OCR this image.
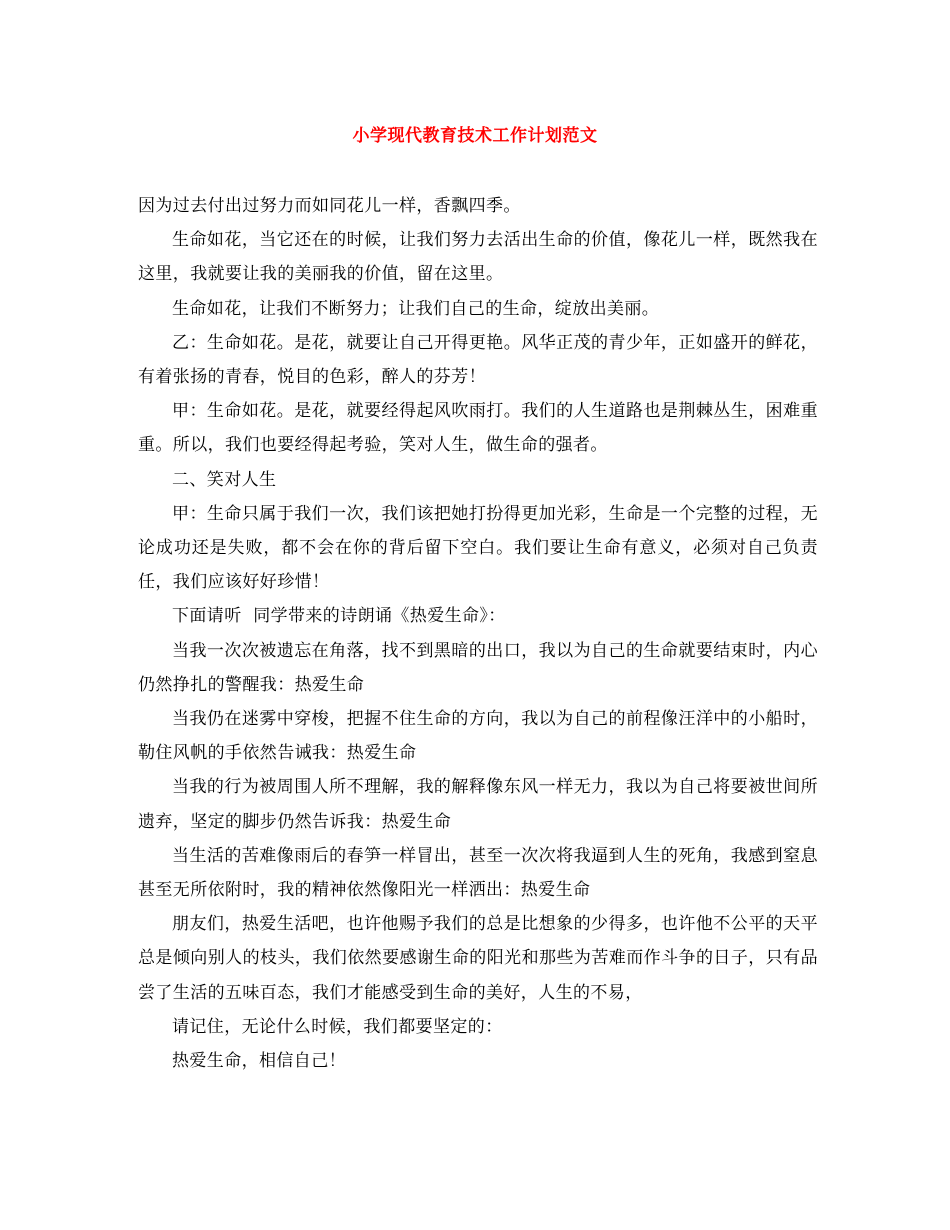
小学现代教育技术工作计划范文

因为过去付出过努力而如同花儿一样，香飘四季。

生命如花，当它还在的时候，让我们努力去活出生命的价值，像花儿一样，既然我在这里，我就要让我的美丽我的价值，留在这里。

生命如花，让我们不断努力；让我们自己的生命，绽放出美丽。

乙：生命如花。是花，就要让自己开得更艳。风华正茂的青少年，正如盛开的鲜花，有着张扬的青春，悦目的色彩，醉人的芬芳！

甲：生命如花。是花，就要经得起风吹雨打。我们的人生道路也是荆棘丛生，困难重重。所以，我们也要经得起考验，笑对人生，做生命的强者。

二、笑对人生

甲：生命只属于我们一次，我们该把她打扮得更加光彩，生命是一个完整的过程，无论成功还是失败，都不会在你的背后留下空白。我们要让生命有意义，必须对自己负责任，我们应该好好珍惜！

下面请听  同学带来的诗朗诵《热爱生命》：

当我一次次被遗忘在角落，找不到黑暗的出口，我以为自己的生命就要结束时，内心仍然挣扎的警醒我：热爱生命

当我仍在迷雾中穿梭，把握不住生命的方向，我以为自己的前程像汪洋中的小船时，勒住风帆的手依然告诫我：热爱生命

当我的行为被周围人所不理解，我的解释像东风一样无力，我以为自己将要被世间所遗弃，坚定的脚步仍然告诉我：热爱生命

当生活的苦难像雨后的春笋一样冒出，甚至一次次将我逼到人生的死角，我感到窒息甚至无所依附时，我的精神依然像阳光一样洒出：热爱生命

朋友们，热爱生活吧，也许他赐予我们的总是比想象的少得多，也许他不公平的天平总是倾向别人的枝头，我们依然要感谢生命的阳光和那些为苦难而作斗争的日子，只有品尝了生活的五味百态，我们才能感受到生命的美好，人生的不易，

请记住，无论什么时候，我们都要坚定的：

热爱生命，相信自己！
